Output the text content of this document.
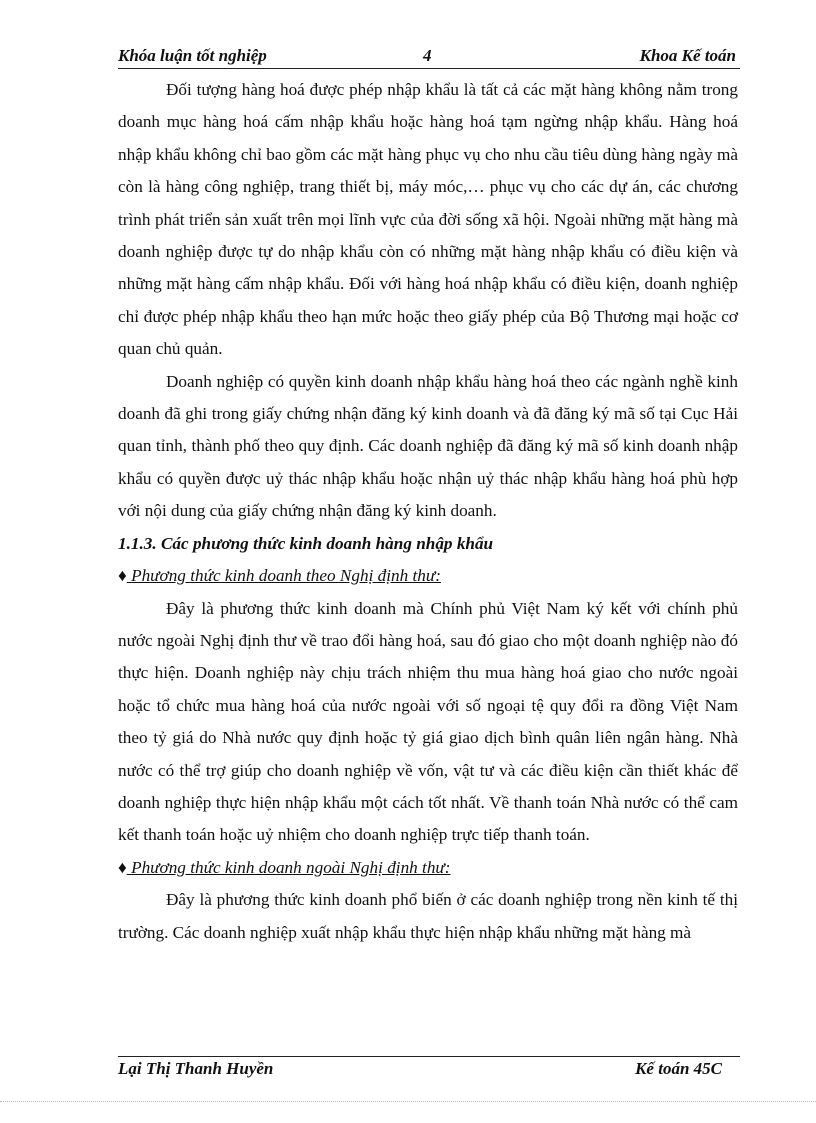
Khóa luận tốt nghiệp	4	Khoa Kế toán

Đối tượng hàng hoá được phép nhập khẩu là tất cả các mặt hàng không nằm trong doanh mục hàng hoá cấm nhập khẩu hoặc hàng hoá tạm ngừng nhập khẩu. Hàng hoá nhập khẩu không chỉ bao gồm các mặt hàng phục vụ cho nhu cầu tiêu dùng hàng ngày mà còn là hàng công nghiệp, trang thiết bị, máy móc,… phục vụ cho các dự án, các chương trình phát triển sản xuất trên mọi lĩnh vực của đời sống xã hội. Ngoài những mặt hàng mà doanh nghiệp được tự do nhập khẩu còn có những mặt hàng nhập khẩu có điều kiện và những mặt hàng cấm nhập khẩu. Đối với hàng hoá nhập khẩu có điều kiện, doanh nghiệp chỉ được phép nhập khẩu theo hạn mức hoặc theo giấy phép của Bộ Thương mại hoặc cơ quan chủ quản.

Doanh nghiệp có quyền kinh doanh nhập khẩu hàng hoá theo các ngành nghề kinh doanh đã ghi trong giấy chứng nhận đăng ký kinh doanh và đã đăng ký mã số tại Cục Hải quan tỉnh, thành phố theo quy định. Các doanh nghiệp đã đăng ký mã số kinh doanh nhập khẩu có quyền được uỷ thác nhập khẩu hoặc nhận uỷ thác nhập khẩu hàng hoá phù hợp với nội dung của giấy chứng nhận đăng ký kinh doanh.

1.1.3. Các phương thức kinh doanh hàng nhập khẩu

♦ Phương thức kinh doanh theo Nghị định thư:

Đây là phương thức kinh doanh mà Chính phủ Việt Nam ký kết với chính phủ nước ngoài Nghị định thư về trao đổi hàng hoá, sau đó giao cho một doanh nghiệp nào đó thực hiện. Doanh nghiệp này chịu trách nhiệm thu mua hàng hoá giao cho nước ngoài hoặc tổ chức mua hàng hoá của nước ngoài với số ngoại tệ quy đổi ra đồng Việt Nam theo tỷ giá do Nhà nước quy định hoặc tỷ giá giao dịch bình quân liên ngân hàng. Nhà nước có thể trợ giúp cho doanh nghiệp về vốn, vật tư và các điều kiện cần thiết khác để doanh nghiệp thực hiện nhập khẩu một cách tốt nhất. Về thanh toán Nhà nước có thể cam kết thanh toán hoặc uỷ nhiệm cho doanh nghiệp trực tiếp thanh toán.

♦ Phương thức kinh doanh ngoài Nghị định thư:

Đây là phương thức kinh doanh phổ biến ở các doanh nghiệp trong nền kinh tế thị trường. Các doanh nghiệp xuất nhập khẩu thực hiện nhập khẩu những mặt hàng mà

Lại Thị Thanh Huyền	Kế toán 45C
